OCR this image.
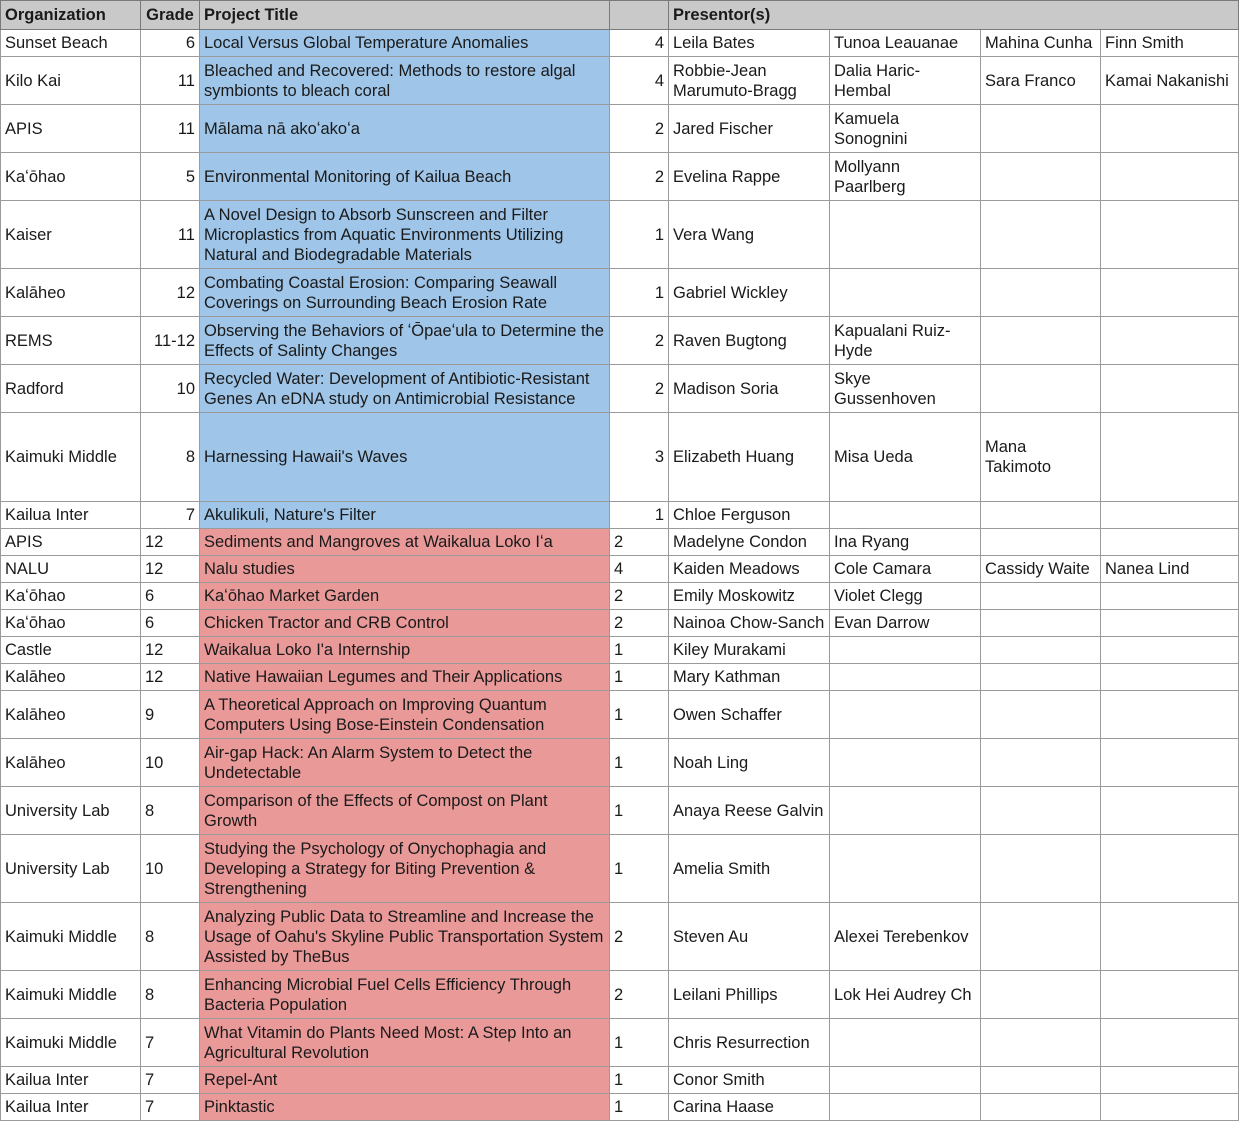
Organization	Grade	Project Title		Presentor(s)			
Sunset Beach	6	Local Versus Global Temperature Anomalies	4	Leila Bates	Tunoa Leauanae	Mahina Cunha	Finn Smith
Kilo Kai	11	Bleached and Recovered: Methods to restore algal symbionts to bleach coral	4	Robbie-Jean Marumuto-Bragg	Dalia Haric-Hembal	Sara Franco	Kamai Nakanishi
APIS	11	Mālama nā akoʻakoʻa	2	Jared Fischer	Kamuela Sonognini		
Kaʻōhao	5	Environmental Monitoring of Kailua Beach	2	Evelina Rappe	Mollyann Paarlberg		
Kaiser	11	A Novel Design to Absorb Sunscreen and Filter Microplastics from Aquatic Environments Utilizing Natural and Biodegradable Materials	1	Vera Wang			
Kalāheo	12	Combating Coastal Erosion: Comparing Seawall Coverings on Surrounding Beach Erosion Rate	1	Gabriel Wickley			
REMS	11-12	Observing the Behaviors of ʻŌpaeʻula to Determine the Effects of Salinty Changes	2	Raven Bugtong	Kapualani Ruiz-Hyde		
Radford	10	Recycled Water: Development of Antibiotic-Resistant Genes An eDNA study on Antimicrobial Resistance	2	Madison Soria	Skye Gussenhoven		
Kaimuki Middle	8	Harnessing Hawaii's Waves	3	Elizabeth Huang	Misa Ueda	Mana Takimoto	
Kailua Inter	7	Akulikuli, Nature's Filter	1	Chloe Ferguson			
APIS	12	Sediments and Mangroves at Waikalua Loko Iʻa	2	Madelyne Condon	Ina Ryang		
NALU	12	Nalu studies	4	Kaiden Meadows	Cole Camara	Cassidy Waite	Nanea Lind
Kaʻōhao	6	Kaʻōhao Market Garden	2	Emily Moskowitz	Violet Clegg		
Kaʻōhao	6	Chicken Tractor and CRB Control	2	Nainoa Chow-Sanch	Evan Darrow		
Castle	12	Waikalua Loko I'a Internship	1	Kiley Murakami			
Kalāheo	12	Native Hawaiian Legumes and Their Applications	1	Mary Kathman			
Kalāheo	9	A Theoretical Approach on Improving Quantum Computers Using Bose-Einstein Condensation	1	Owen Schaffer			
Kalāheo	10	Air-gap Hack: An Alarm System to Detect the Undetectable	1	Noah Ling			
University Lab	8	Comparison of the Effects of Compost on Plant Growth	1	Anaya Reese Galvin			
University Lab	10	Studying the Psychology of Onychophagia and Developing a Strategy for Biting Prevention & Strengthening	1	Amelia Smith			
Kaimuki Middle	8	Analyzing Public Data to Streamline and Increase the Usage of Oahu's Skyline Public Transportation System Assisted by TheBus	2	Steven Au	Alexei Terebenkov		
Kaimuki Middle	8	Enhancing Microbial Fuel Cells Efficiency Through Bacteria Population	2	Leilani Phillips	Lok Hei Audrey Ch		
Kaimuki Middle	7	What Vitamin do Plants Need Most: A Step Into an Agricultural Revolution	1	Chris Resurrection			
Kailua Inter	7	Repel-Ant	1	Conor Smith			
Kailua Inter	7	Pinktastic	1	Carina Haase			
